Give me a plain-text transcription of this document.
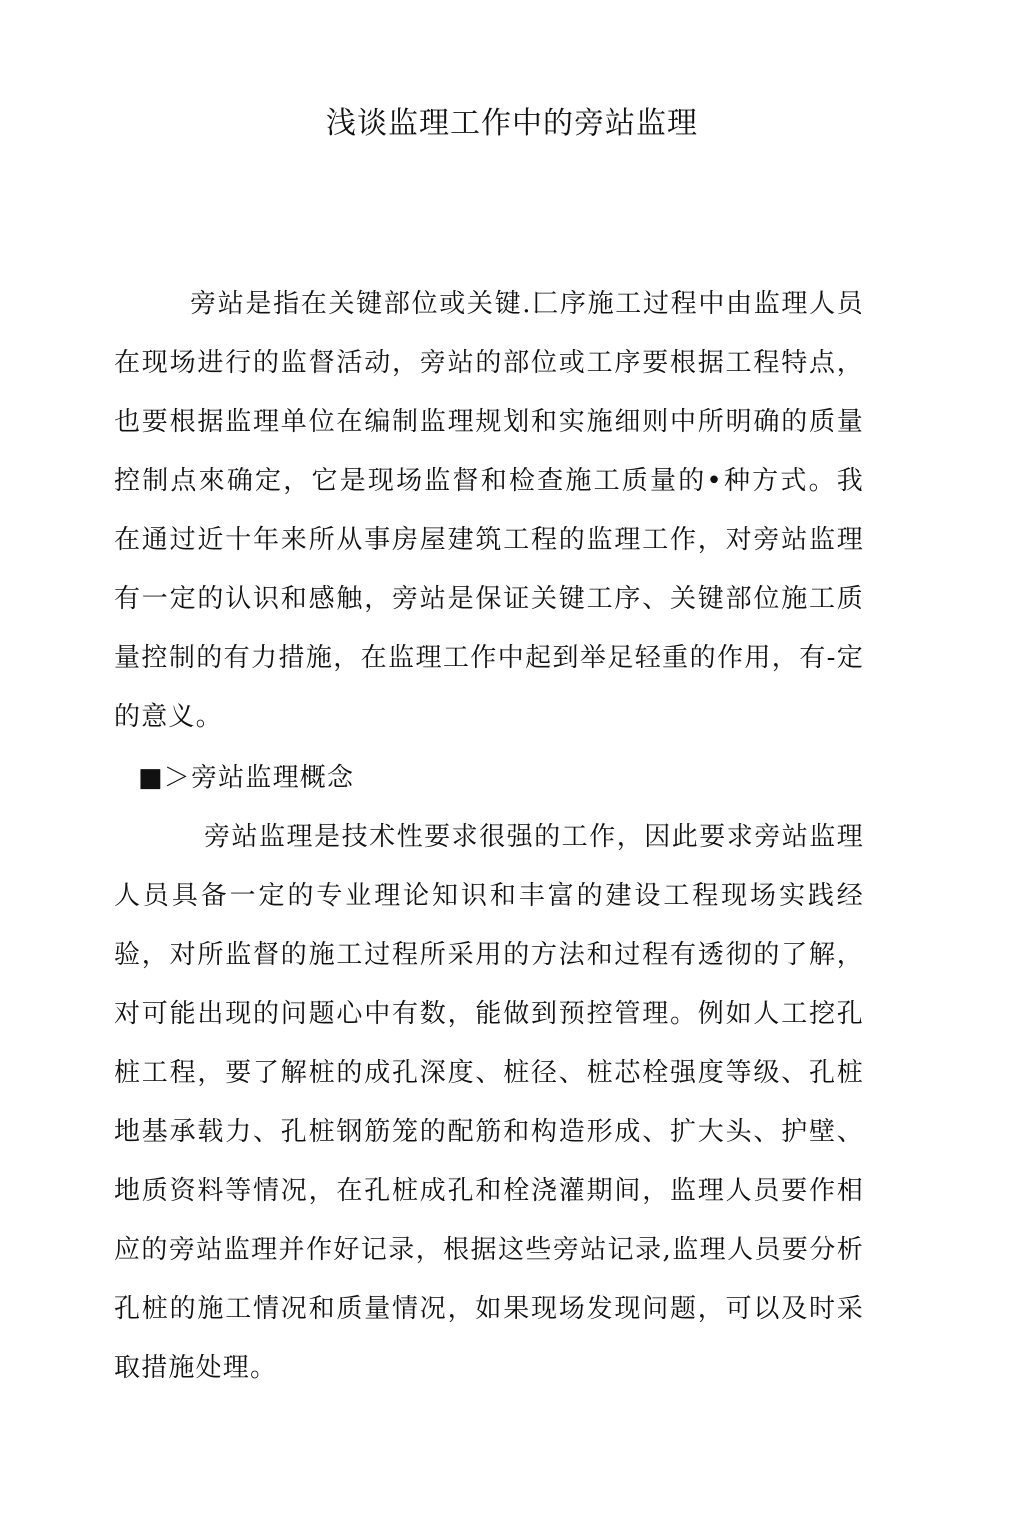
浅谈监理工作中的旁站监理

旁站是指在关键部位或关键.匚序施工过程中由监理人员在现场进行的监督活动，旁站的部位或工序要根据工程特点，也要根据监理单位在编制监理规划和实施细则中所明确的质量控制点來确定，它是现场监督和检查施工质量的•种方式。我在通过近十年来所从事房屋建筑工程的监理工作，对旁站监理有一定的认识和感触，旁站是保证关键工序、关键部位施工质量控制的有力措施，在监理工作中起到举足轻重的作用，有-定的意义。

■＞旁站监理概念

旁站监理是技术性要求很强的工作，因此要求旁站监理人员具备一定的专业理论知识和丰富的建设工程现场实践经验，对所监督的施工过程所采用的方法和过程有透彻的了解，对可能出现的问题心中有数，能做到预控管理。例如人工挖孔桩工程，要了解桩的成孔深度、桩径、桩芯栓强度等级、孔桩地基承载力、孔桩钢筋笼的配筋和构造形成、扩大头、护壁、地质资料等情况，在孔桩成孔和栓浇灌期间，监理人员要作相应的旁站监理并作好记录，根据这些旁站记录,监理人员要分析孔桩的施工情况和质量情况，如果现场发现问题，可以及时采取措施处理。
